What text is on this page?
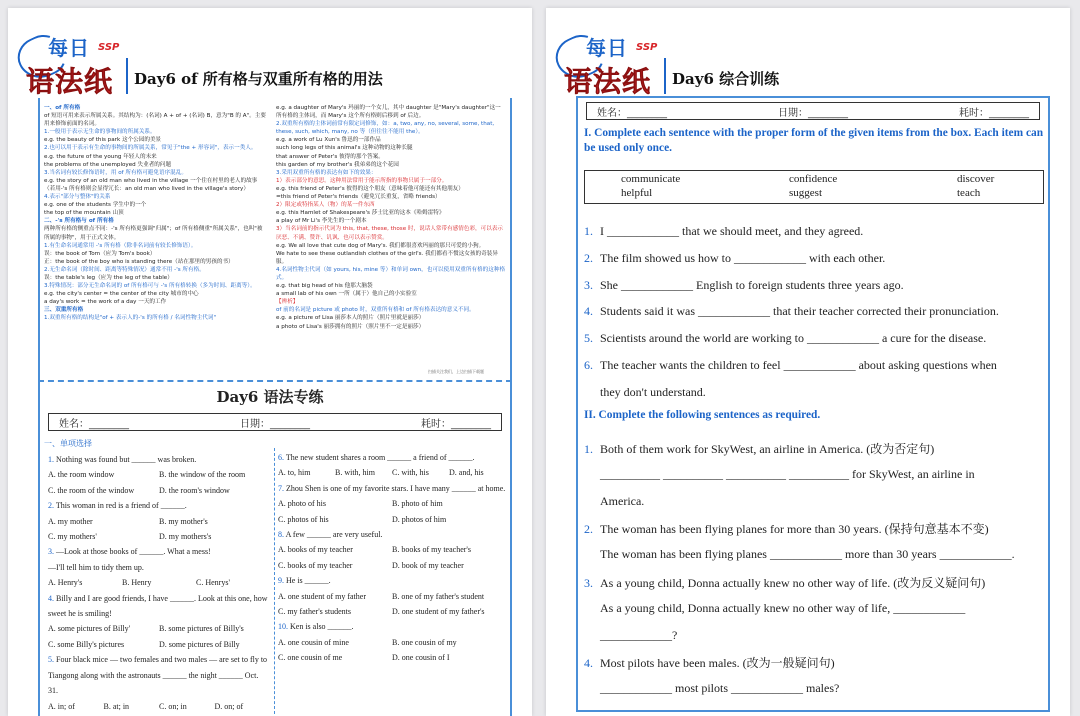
每日 SSP
语法纸 Day6 of 所有格与双重所有格的用法

一、of 所有格

of 短语可用来表示所属关系。其结构为：(名词) A + of + (名词) B，意为"B 的 A"。主要用来修饰前面的名词。

1.一般用于表示无生命的事物间的所属关系。

e.g. the beauty of this park 这个公园的美景

2.也可以用于表示有生命的事物间的所属关系，常见于"the + 形容词"，表示一类人。

e.g. the future of the young 年轻人的未来

the problems of the unemployed 失业者的问题

3.当名词有较长修饰语时，用 of 所有格可避免语序混乱。

e.g. the story of an old man who lived in the village 一个住在村里的老人的故事（若用-'s 所有格则会显得冗长：an old man who lived in the village's story）

4.表示"部分与整体"的关系

e.g. one of the students 学生中的一个

the top of the mountain 山顶

二、-'s 所有格与 of 所有格

两种所有格的侧重点不同：-'s 所有格更强调"归属"；of 所有格侧重"所属关系"，也叫"被所属的事物"，用于正式文体。

1.有生命名词通常用 -'s 所有格（除非名词前有较长修饰语）。

误：the book of Tom（应为 Tom's book）

正：the book of the boy who is standing there（站在那里的男孩的书）

2.无生命名词（除时间、距离等特殊情况）通常不用 -'s 所有格。

误：the table's leg（应为 the leg of the table）

3.特殊情况：部分无生命名词的 of 所有格可与 -'s 所有格转换（多为时间、距离等）。

e.g. the city's center = the center of the city 城市的中心

a day's work = the work of a day 一天的工作

三、双重所有格

1.双重所有格的结构是"of + 表示人的-'s 的所有格 / 名词性物主代词"

e.g. a daughter of Mary's 玛丽的一个女儿，其中 daughter 是"Mary's daughter"这一所有格的主体词，而 Mary's 这个所有格则后移到 of 后边。

2.双重所有格的主体词前常有限定词修饰，如：a, two, any, no, several, some, that, these, such, which, many, no 等（但往往不能用 the）。

e.g. a work of Lu Xun's 鲁迅的一部作品

such long legs of this animal's 这种动物的这种长腿

that answer of Peter's 彼得的那个答案。

this garden of my brother's 我弟弟的这个花园

3.采用双重所有格的表达有如下的效果：

1）表示部分的意思。这种用法常用于能示所指的事物只属于一部分。

e.g. this friend of Peter's 彼得的这个朋友（意味着他可能还有其他朋友）

=this friend of Peter's friends（避免冗长重复，省略 friends）

2）限定或特指某人（物）的某一件东西

e.g. this Hamlet of Shakespeare's 莎士比亚的这本《哈姆雷特》

a play of Mr Li's 李先生的一个剧本

3）当名词前的指示代词为 this, that, these, those 时，说话人常带有感情色彩，可以表示厌恶、不满、赞许、讥讽、也可以表示赞赏。

e.g. We all love that cute dog of Mary's. 我们都很喜欢玛丽的那只可爱的小狗。

We hate to see these outlandish clothes of the girl's. 我们都看不惯这女孩的奇装异服。

4.名词性物主代词（如 yours, his, mine 等）和单词 own，也可以使用双重所有格的这种格式。

e.g. that big head of his 他那大脑袋

a small lab of his own 一所（属于）他自己的小实验室

【辨析】

of 前的名词是 picture 或 photo 时，双重所有格和 of 所有格表达的意义不同。

e.g. a picture of Lisa 丽莎本人的照片（照片里就是丽莎）

a photo of Lisa's 丽莎拥有的照片（照片里不一定是丽莎）

扫描关注我们，上边扫描下载题
Day6 语法专练
姓名：________	日期：________	耗时：________
一、单项选择
1. Nothing was found but ______ was broken.
A. the room window	B. the window of the room
C. the room of the window	D. the room's window
2. This woman in red is a friend of ______.
A. my mother	B. my mother's
C. my mothers'	D. my mothers's
3. —Look at those books of ______. What a mess!
—I'll tell him to tidy them up.
A. Henry's	B. Henry	C. Henrys'
4. Billy and I are good friends, I have ______. Look at this one, how sweet he is smiling!
A. some pictures of Billy'	B. some pictures of Billy's
C. some Billy's pictures	D. some pictures of Billy
5. Four black mice — two females and two males — are set to fly to Tiangong along with the astronauts ______ the night ______ Oct. 31.
A. in; of	B. at; in	C. on; in	D. on; of
6. The new student shares a room ______ a friend of ______.
A. to, him	B. with, him	C. with, his	D. and, his
7. Zhou Shen is one of my favorite stars. I have many ______ at home.
A. photo of his	B. photo of him
C. photos of his	D. photos of him
8. A few ______ are very useful.
A. books of my teacher	B. books of my teacher's
C. books of my teacher	D. book of my teacher
9. He is ______.
A. one student of my father	B. one of my father's student
C. my father's students	D. one student of my father's
10. Ken is also ______.
A. one cousin of mine	B. one cousin of my
C. one cousin of me	D. one cousin of I
每日 SSP
语法纸 Day6 综合训练
姓名：________	日期：________	耗时：________
I. Complete each sentence with the proper form of the given items from the box. Each item can be used only once.
communicate	confidence	discover
helpful	suggest	teach
1. I ____________ that we should meet, and they agreed.
2. The film showed us how to ____________ with each other.
3. She ____________ English to foreign students three years ago.
4. Students said it was ____________ that their teacher corrected their pronunciation.
5. Scientists around the world are working to ____________ a cure for the disease.
6. The teacher wants the children to feel ____________ about asking questions when
they don't understand.
II. Complete the following sentences as required.
1. Both of them work for SkyWest, an airline in America. (改为否定句)
__________ __________ __________ __________ for SkyWest, an airline in
America.
2. The woman has been flying planes for more than 30 years. (保持句意基本不变)
The woman has been flying planes ____________ more than 30 years ____________.
3. As a young child, Donna actually knew no other way of life. (改为反义疑问句)
As a young child, Donna actually knew no other way of life, ____________
____________?
4. Most pilots have been males. (改为一般疑问句)
____________ most pilots ____________ males?
